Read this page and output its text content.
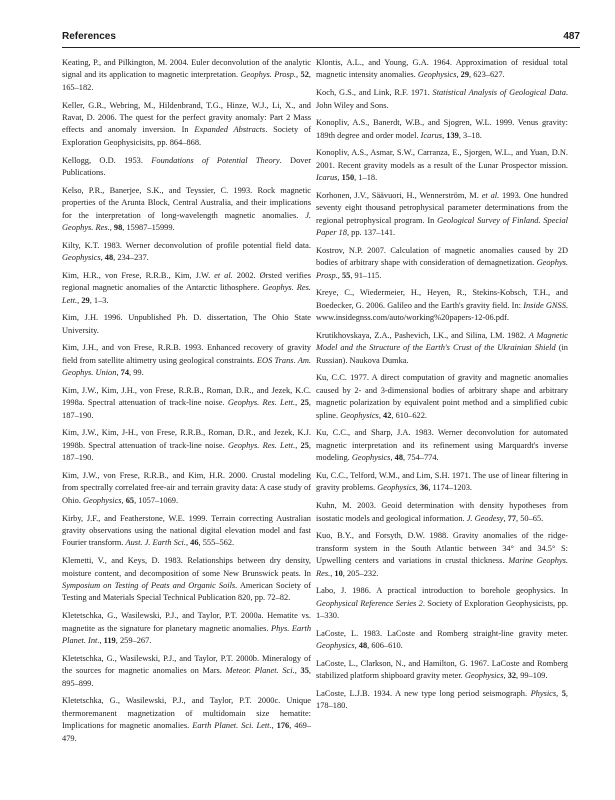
References	487

Keating, P., and Pilkington, M. 2004. Euler deconvolution of the analytic signal and its application to magnetic interpretation. Geophys. Prosp., 52, 165–182.

Keller, G.R., Webring, M., Hildenbrand, T.G., Hinze, W.J., Li, X., and Ravat, D. 2006. The quest for the perfect gravity anomaly: Part 2 Mass effects and anomaly inversion. In Expanded Abstracts. Society of Exploration Geophysicisits, pp. 864–868.

Kellogg, O.D. 1953. Foundations of Potential Theory. Dover Publications.

Kelso, P.R., Banerjee, S.K., and Teyssier, C. 1993. Rock magnetic properties of the Arunta Block, Central Australia, and their implications for the interpretation of long-wavelength magnetic anomalies. J. Geophys. Res., 98, 15987–15999.

Kilty, K.T. 1983. Werner deconvolution of profile potential field data. Geophysics, 48, 234–237.

Kim, H.R., von Frese, R.R.B., Kim, J.W. et al. 2002. Ørsted verifies regional magnetic anomalies of the Antarctic lithosphere. Geophys. Res. Lett., 29, 1–3.

Kim, J.H. 1996. Unpublished Ph. D. dissertation, The Ohio State University.

Kim, J.H., and von Frese, R.R.B. 1993. Enhanced recovery of gravity field from satellite altimetry using geological constraints. EOS Trans. Am. Geophys. Union, 74, 99.

Kim, J.W., Kim, J.H., von Frese, R.R.B., Roman, D.R., and Jezek, K.C. 1998a. Spectral attenuation of track-line noise. Geophys. Res. Lett., 25, 187–190.

Kim, J.W., Kim, J-H., von Frese, R.R.B., Roman, D.R., and Jezek, K.J. 1998b. Spectral attenuation of track-line noise. Geophys. Res. Lett., 25, 187–190.

Kim, J.W., von Frese, R.R.B., and Kim, H.R. 2000. Crustal modeling from spectrally correlated free-air and terrain gravity data: A case study of Ohio. Geophysics, 65, 1057–1069.

Kirby, J.F., and Featherstone, W.E. 1999. Terrain correcting Australian gravity observations using the national digital elevation model and fast Fourier transform. Aust. J. Earth Sci., 46, 555–562.

Klemetti, V., and Keys, D. 1983. Relationships between dry density, moisture content, and decomposition of some New Brunswick peats. In Symposium on Testing of Peats and Organic Soils. American Society of Testing and Materials Special Technical Publication 820, pp. 72–82.

Kletetschka, G., Wasilewski, P.J., and Taylor, P.T. 2000a. Hematite vs. magnetite as the signature for planetary magnetic anomalies. Phys. Earth Planet. Int., 119, 259–267.

Kletetschka, G., Wasilewski, P.J., and Taylor, P.T. 2000b. Mineralogy of the sources for magnetic anomalies on Mars. Meteor. Planet. Sci., 35, 895–899.

Kletetschka, G., Wasilewski, P.J., and Taylor, P.T. 2000c. Unique thermoremanent magnetization of multidomain size hematite: Implications for magnetic anomalies. Earth Planet. Sci. Lett., 176, 469–479.

Klontis, A.L., and Young, G.A. 1964. Approximation of residual total magnetic intensity anomalies. Geophysics, 29, 623–627.

Koch, G.S., and Link, R.F. 1971. Statistical Analysis of Geological Data. John Wiley and Sons.

Konopliv, A.S., Banerdt, W.B., and Sjogren, W.L. 1999. Venus gravity: 189th degree and order model. Icarus, 139, 3–18.

Konopliv, A.S., Asmar, S.W., Carranza, E., Sjorgen, W.L., and Yuan, D.N. 2001. Recent gravity models as a result of the Lunar Prospector mission. Icarus, 150, 1–18.

Korhonen, J.V., Säävuori, H., Wennerström, M. et al. 1993. One hundred seventy eight thousand petrophysical parameter determinations from the regional petrophysical program. In Geological Survey of Finland. Special Paper 18, pp. 137–141.

Kostrov, N.P. 2007. Calculation of magnetic anomalies caused by 2D bodies of arbitrary shape with consideration of demagnetization. Geophys. Prosp., 55, 91–115.

Kreye, C., Wiedermeier, H., Heyen, R., Stekins-Kobsch, T.H., and Boedecker, G. 2006. Galileo and the Earth's gravity field. In: Inside GNSS. www.insidegnss.com/auto/working%20papers-12-06.pdf.

Krutikhovskaya, Z.A., Pashevich, I.K., and Silina, I.M. 1982. A Magnetic Model and the Structure of the Earth's Crust of the Ukrainian Shield (in Russian). Naukova Dumka.

Ku, C.C. 1977. A direct computation of gravity and magnetic anomalies caused by 2- and 3-dimensional bodies of arbitrary shape and arbitrary magnetic polarization by equivalent point method and a simplified cubic spline. Geophysics, 42, 610–622.

Ku, C.C., and Sharp, J.A. 1983. Werner deconvolution for automated magnetic interpretation and its refinement using Marquardt's inverse modeling. Geophysics, 48, 754–774.

Ku, C.C., Telford, W.M., and Lim, S.H. 1971. The use of linear filtering in gravity problems. Geophysics, 36, 1174–1203.

Kuhn, M. 2003. Geoid determination with density hypotheses from isostatic models and geological information. J. Geodesy, 77, 50–65.

Kuo, B.Y., and Forsyth, D.W. 1988. Gravity anomalies of the ridge-transform system in the South Atlantic between 34° and 34.5° S: Upwelling centers and variations in crustal thickness. Marine Geophys. Res., 10, 205–232.

Labo, J. 1986. A practical introduction to borehole geophysics. In Geophysical Reference Series 2. Society of Exploration Geophysicists, pp. 1–330.

LaCoste, L. 1983. LaCoste and Romberg straight-line gravity meter. Geophysics, 48, 606–610.

LaCoste, L., Clarkson, N., and Hamilton, G. 1967. LaCoste and Romberg stabilized platform shipboard gravity meter. Geophysics, 32, 99–109.

LaCoste, L.J.B. 1934. A new type long period seismograph. Physics, 5, 178–180.
